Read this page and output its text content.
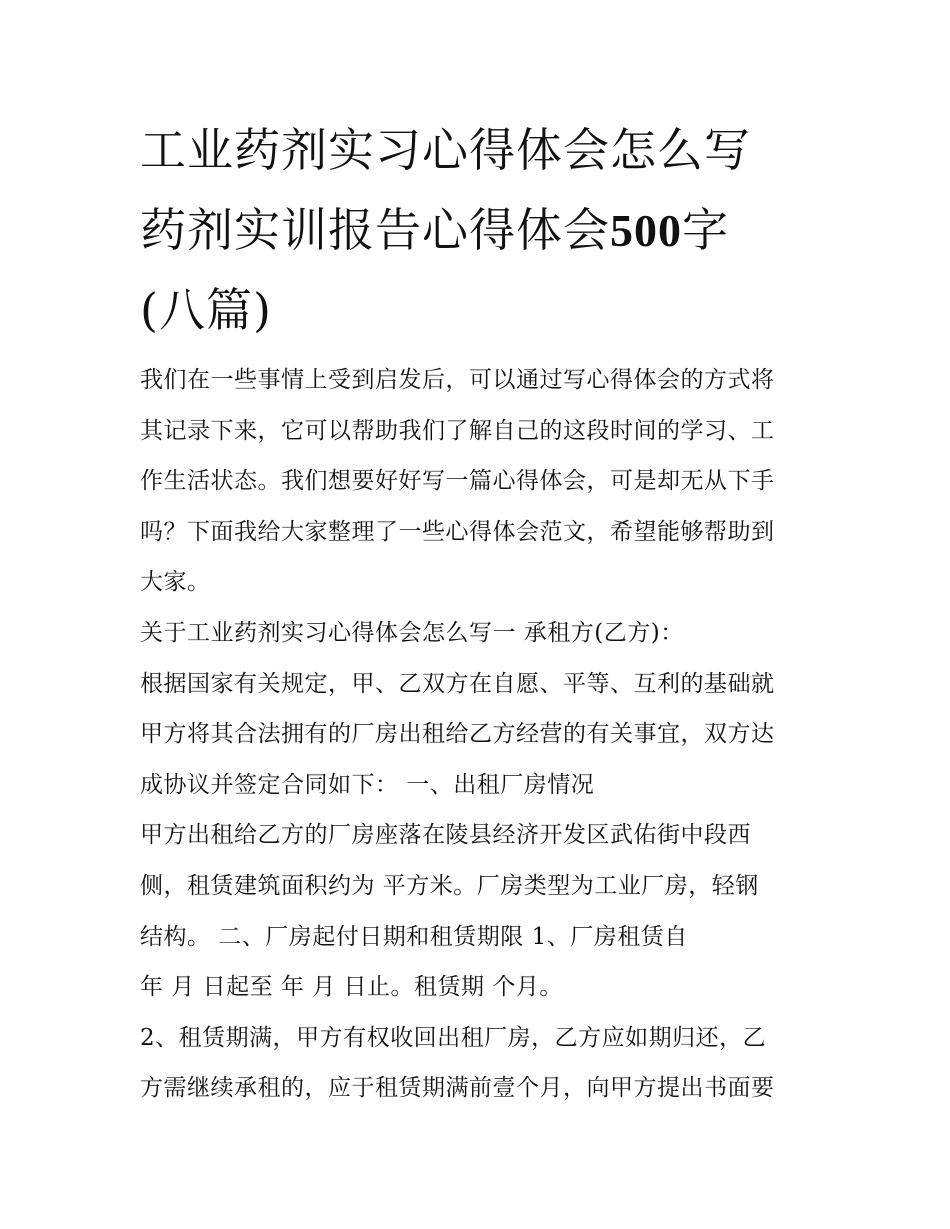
工业药剂实习心得体会怎么写
药剂实训报告心得体会500字
(八篇)
我们在一些事情上受到启发后，可以通过写心得体会的方式将
其记录下来，它可以帮助我们了解自己的这段时间的学习、工
作生活状态。我们想要好好写一篇心得体会，可是却无从下手
吗？下面我给大家整理了一些心得体会范文，希望能够帮助到
大家。
关于工业药剂实习心得体会怎么写一 承租方(乙方)：
根据国家有关规定，甲、乙双方在自愿、平等、互利的基础就
甲方将其合法拥有的厂房出租给乙方经营的有关事宜，双方达
成协议并签定合同如下： 一、出租厂房情况
甲方出租给乙方的厂房座落在陵县经济开发区武佑街中段西
侧，租赁建筑面积约为 平方米。厂房类型为工业厂房，轻钢
结构。 二、厂房起付日期和租赁期限 1、厂房租赁自
年 月 日起至 年 月 日止。租赁期 个月。
2、租赁期满，甲方有权收回出租厂房，乙方应如期归还，乙
方需继续承租的，应于租赁期满前壹个月，向甲方提出书面要
